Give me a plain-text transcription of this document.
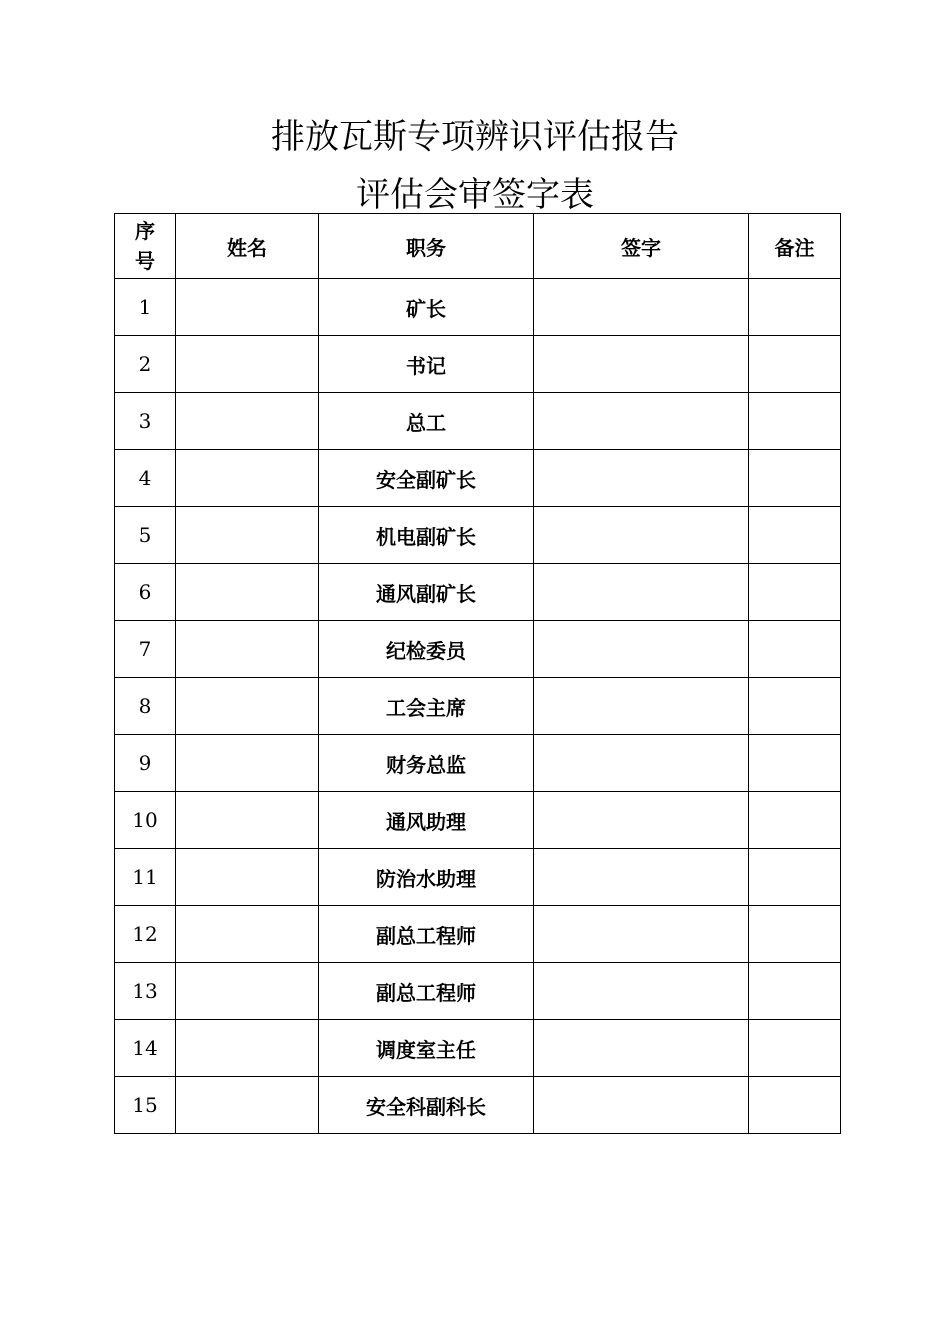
排放瓦斯专项辨识评估报告
评估会审签字表
序
号	姓名	职务	签字	备注
1		矿长		
2		书记		
3		总工		
4		安全副矿长		
5		机电副矿长		
6		通风副矿长		
7		纪检委员		
8		工会主席		
9		财务总监		
10		通风助理		
11		防治水助理		
12		副总工程师		
13		副总工程师		
14		调度室主任		
15		安全科副科长		
